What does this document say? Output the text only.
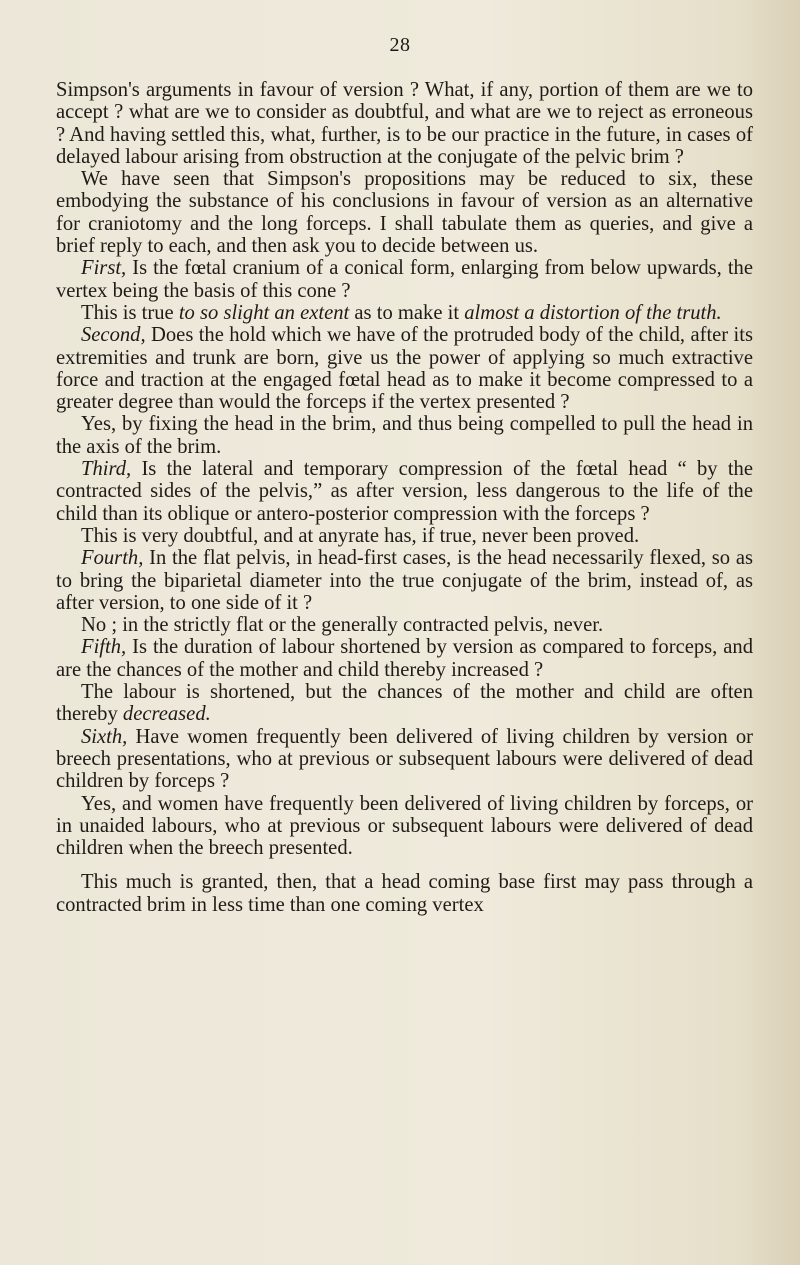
28

Simpson's arguments in favour of version ? What, if any, portion of them are we to accept ? what are we to consider as doubtful, and what are we to reject as erroneous ? And having settled this, what, further, is to be our practice in the future, in cases of delayed labour arising from obstruction at the conjugate of the pelvic brim ?

We have seen that Simpson's propositions may be reduced to six, these embodying the substance of his conclusions in favour of version as an alternative for craniotomy and the long forceps. I shall tabulate them as queries, and give a brief reply to each, and then ask you to decide between us.

First, Is the fœtal cranium of a conical form, enlarging from below upwards, the vertex being the basis of this cone ?

This is true to so slight an extent as to make it almost a distortion of the truth.

Second, Does the hold which we have of the protruded body of the child, after its extremities and trunk are born, give us the power of applying so much extractive force and traction at the engaged fœtal head as to make it become compressed to a greater degree than would the forceps if the vertex presented ?

Yes, by fixing the head in the brim, and thus being compelled to pull the head in the axis of the brim.

Third, Is the lateral and temporary compression of the fœtal head “ by the contracted sides of the pelvis,” as after version, less dangerous to the life of the child than its oblique or antero-posterior compression with the forceps ?

This is very doubtful, and at anyrate has, if true, never been proved.

Fourth, In the flat pelvis, in head-first cases, is the head necessarily flexed, so as to bring the biparietal diameter into the true conjugate of the brim, instead of, as after version, to one side of it ?

No ; in the strictly flat or the generally contracted pelvis, never.

Fifth, Is the duration of labour shortened by version as compared to forceps, and are the chances of the mother and child thereby increased ?

The labour is shortened, but the chances of the mother and child are often thereby decreased.

Sixth, Have women frequently been delivered of living children by version or breech presentations, who at previous or subsequent labours were delivered of dead children by forceps ?

Yes, and women have frequently been delivered of living children by forceps, or in unaided labours, who at previous or subsequent labours were delivered of dead children when the breech presented.

This much is granted, then, that a head coming base first may pass through a contracted brim in less time than one coming vertex
